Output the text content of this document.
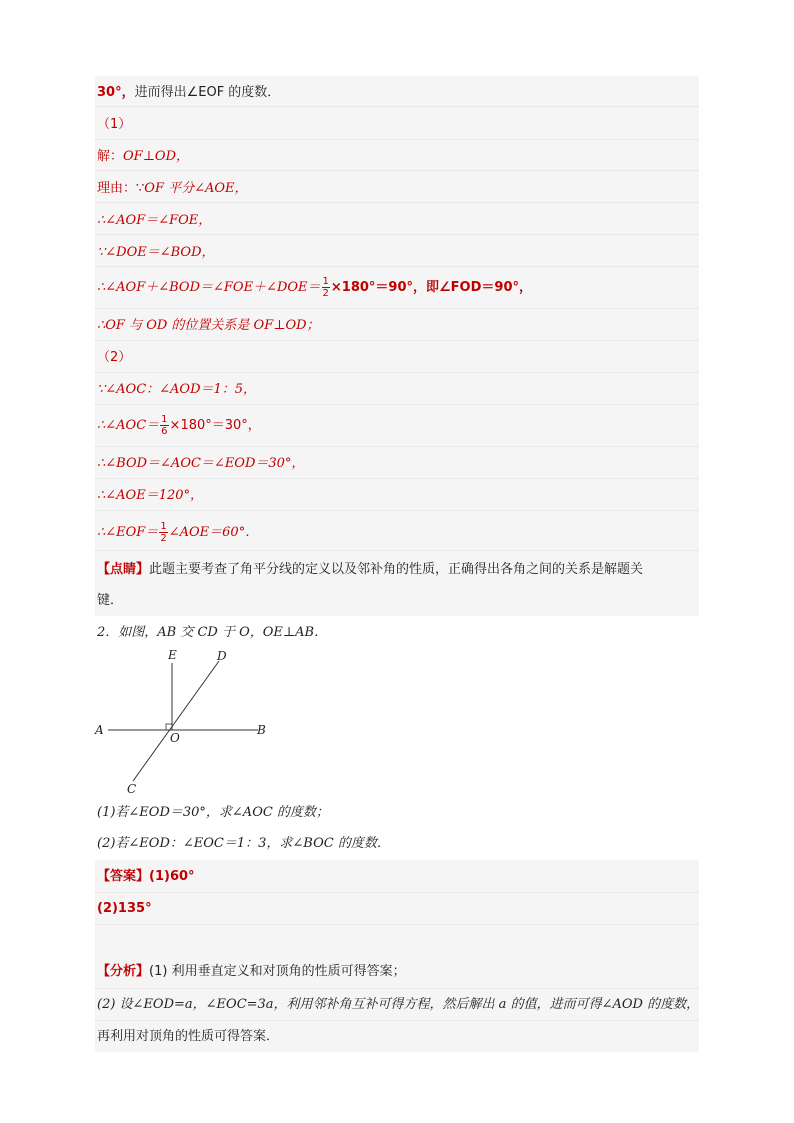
30°，进而得出∠EOF 的度数．
（1）
解：OF⊥OD，
理由：∵OF 平分∠AOE，
∴∠AOF＝∠FOE，
∵∠DOE＝∠BOD，
∴∠AOF＋∠BOD＝∠FOE＋∠DOE＝ $\frac{1}{2} \times 180^\circ=90^\circ$，即∠FOD＝90°，
∴OF 与 OD 的位置关系是 OF⊥OD；
（2）
∵∠AOC：∠AOD＝1：5，
∴∠AOC＝ $\frac{1}{6} \times 180^\circ=30^\circ$，
∴∠BOD＝∠AOC＝∠EOD＝30°，
∴∠AOE＝120°，
∴∠EOF＝ $\frac{1}{2}$ ∠AOE＝60°．
【点睛】此题主要考查了角平分线的定义以及邻补角的性质，正确得出各角之间的关系是解题关
键．
2．如图，AB 交 CD 于 O，OE⊥AB．
E	D
A
O
B
C
(1)若∠EOD＝30°，求∠AOC 的度数；
(2)若∠EOD：∠EOC＝1：3，求∠BOC 的度数．
【答案】(1)60°
(2)135°
【分析】(1) 利用垂直定义和对顶角的性质可得答案；
(2) 设∠EOD=a，∠EOC=3a，利用邻补角互补可得方程，然后解出 a 的值，进而可得∠AOD 的度数，
再利用对顶角的性质可得答案．
